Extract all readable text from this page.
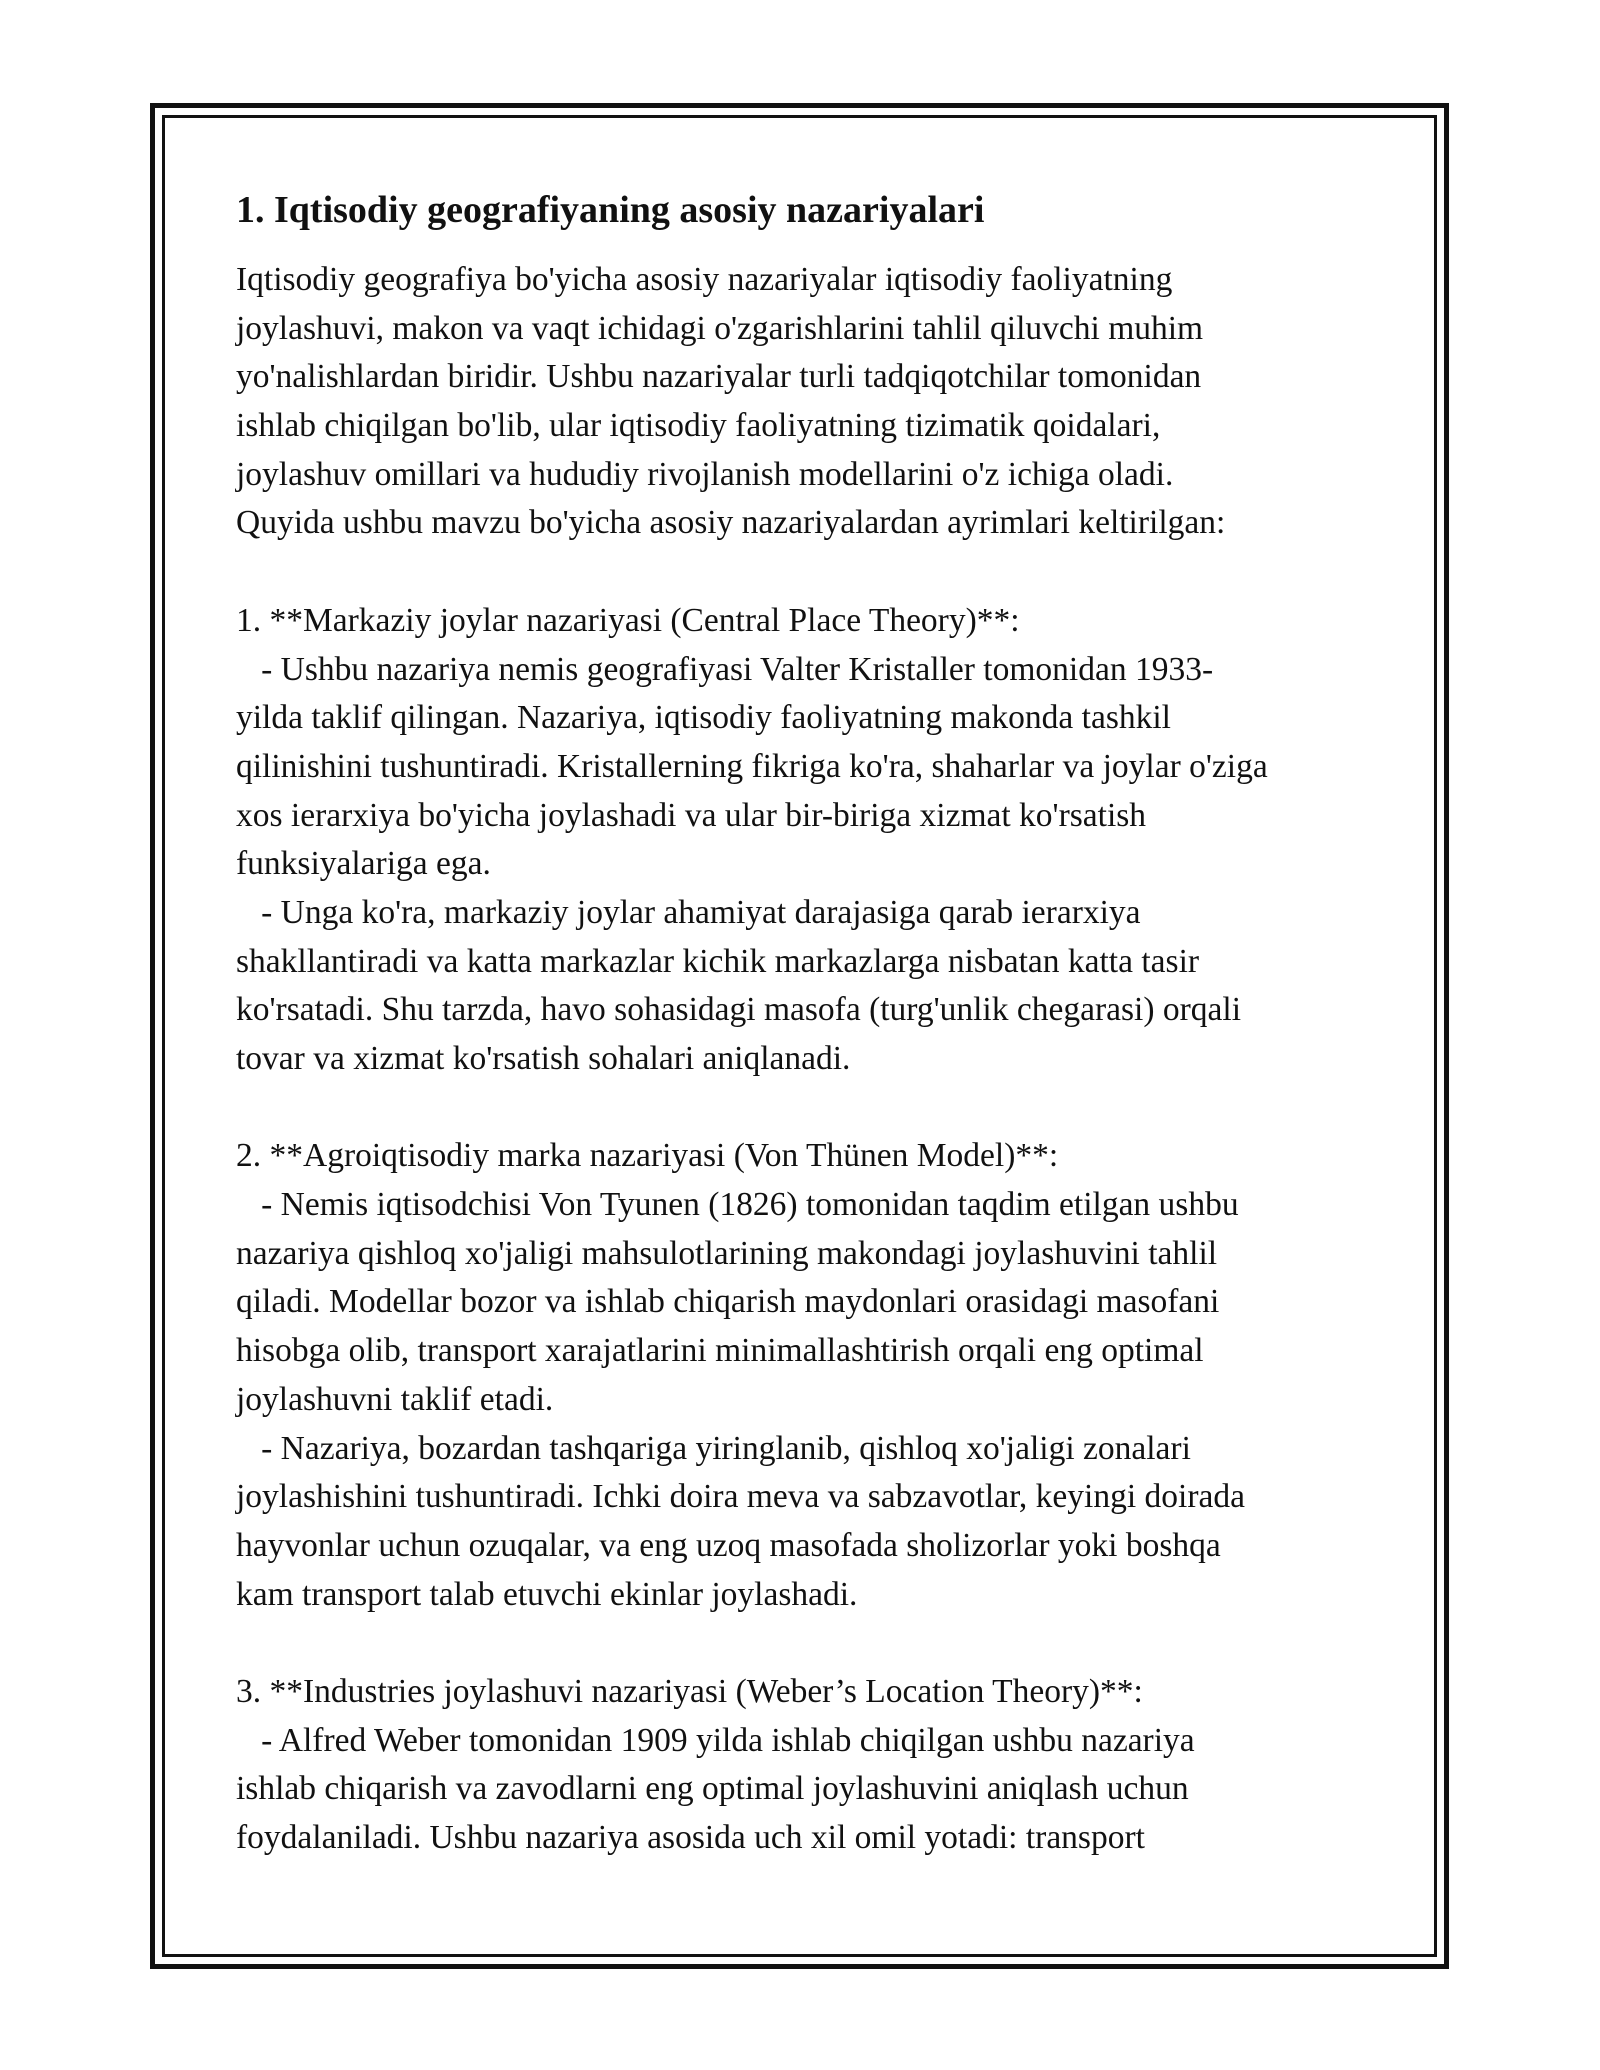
1. Iqtisodiy geografiyaning asosiy nazariyalari
Iqtisodiy geografiya bo'yicha asosiy nazariyalar iqtisodiy faoliyatning
joylashuvi, makon va vaqt ichidagi o'zgarishlarini tahlil qiluvchi muhim
yo'nalishlardan biridir. Ushbu nazariyalar turli tadqiqotchilar tomonidan
ishlab chiqilgan bo'lib, ular iqtisodiy faoliyatning tizimatik qoidalari,
joylashuv omillari va hududiy rivojlanish modellarini o'z ichiga oladi.
Quyida ushbu mavzu bo'yicha asosiy nazariyalardan ayrimlari keltirilgan:
1. **Markaziy joylar nazariyasi (Central Place Theory)**:
- Ushbu nazariya nemis geografiyasi Valter Kristaller tomonidan 1933-
yilda taklif qilingan. Nazariya, iqtisodiy faoliyatning makonda tashkil
qilinishini tushuntiradi. Kristallerning fikriga ko'ra, shaharlar va joylar o'ziga
xos ierarxiya bo'yicha joylashadi va ular bir-biriga xizmat ko'rsatish
funksiyalariga ega.
- Unga ko'ra, markaziy joylar ahamiyat darajasiga qarab ierarxiya
shakllantiradi va katta markazlar kichik markazlarga nisbatan katta tasir
ko'rsatadi. Shu tarzda, havo sohasidagi masofa (turg'unlik chegarasi) orqali
tovar va xizmat ko'rsatish sohalari aniqlanadi.
2. **Agroiqtisodiy marka nazariyasi (Von Thünen Model)**:
- Nemis iqtisodchisi Von Tyunen (1826) tomonidan taqdim etilgan ushbu
nazariya qishloq xo'jaligi mahsulotlarining makondagi joylashuvini tahlil
qiladi. Modellar bozor va ishlab chiqarish maydonlari orasidagi masofani
hisobga olib, transport xarajatlarini minimallashtirish orqali eng optimal
joylashuvni taklif etadi.
- Nazariya, bozardan tashqariga yiringlanib, qishloq xo'jaligi zonalari
joylashishini tushuntiradi. Ichki doira meva va sabzavotlar, keyingi doirada
hayvonlar uchun ozuqalar, va eng uzoq masofada sholizorlar yoki boshqa
kam transport talab etuvchi ekinlar joylashadi.
3. **Industries joylashuvi nazariyasi (Weber’s Location Theory)**:
- Alfred Weber tomonidan 1909 yilda ishlab chiqilgan ushbu nazariya
ishlab chiqarish va zavodlarni eng optimal joylashuvini aniqlash uchun
foydalaniladi. Ushbu nazariya asosida uch xil omil yotadi: transport
